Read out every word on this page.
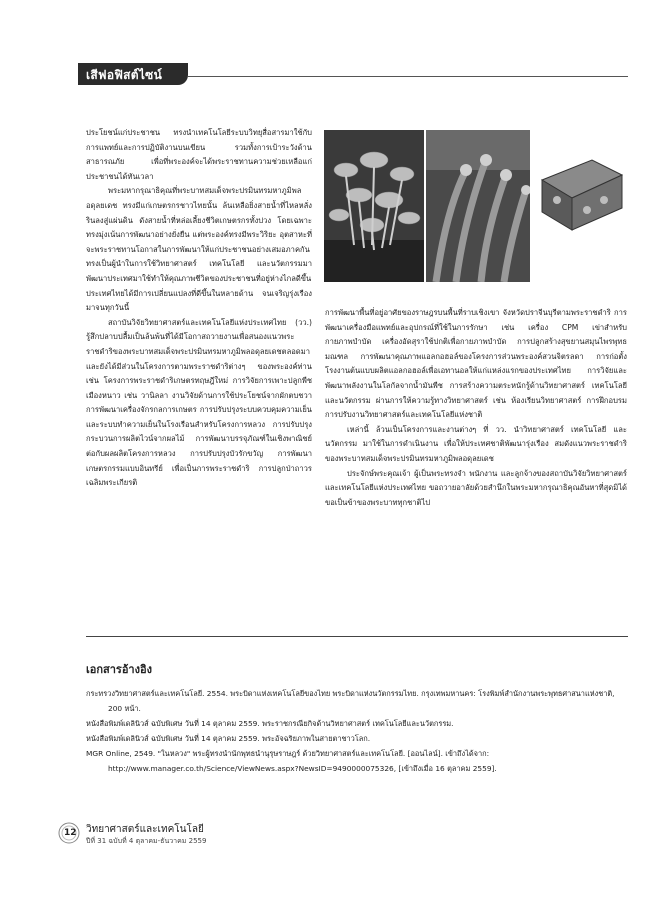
เสีฟอฟิสต์ไซน์

ประโยชน์แก่ประชาชน ทรงนำเทคโนโลยีระบบวิทยุสื่อสารมาใช้กับการแพทย์และการปฏิบัติงานบนเขียน รวมทั้งการเป้าระวังด้านสาธารณภัย เพื่อที่พระองค์จะได้พระราชทานความช่วยเหลือแก่ประชาชนได้ทันเวลา

พระมหากรุณาธิคุณที่พระบาทสมเด็จพระปรมินทรมหาภูมิพลอดุลยเดช ทรงมีแก่เกษตรกรชาวไทยนั้น ล้นเหลือยิ่งสายน้ำที่ไหลหลั่งรินลงสู่แผ่นดิน ดังสายน้ำที่หล่อเลี้ยงชีวิตเกษตรกรทั้งปวง โดยเฉพาะทรงมุ่งเน้นการพัฒนาอย่างยั่งยืน แต่พระองค์ทรงมีพระวิริยะ อุตสาหะที่จะพระราชทานโอกาสในการพัฒนาให้แก่ประชาชนอย่างเสมอภาคกัน ทรงเป็นผู้นำในการใช้วิทยาศาสตร์ เทคโนโลยี และนวัตกรรมมาพัฒนาประเทศมาใช้ทำให้คุณภาพชีวิตของประชาชนที่อยู่ห่างไกลดีขึ้น ประเทศไทยได้มีการเปลี่ยนแปลงที่ดีขึ้นในหลายด้าน จนเจริญรุ่งเรืองมาจนทุกวันนี้

สถาบันวิจัยวิทยาศาสตร์และเทคโนโลยีแห่งประเทศไทย (วว.) รู้สึกปลาบปลื้มเป็นล้นพ้นที่ได้มีโอกาสถวายงานเพื่อสนองแนวพระราชดำริของพระบาทสมเด็จพระปรมินทรมหาภูมิพลอดุลยเดชตลอดมา และยังได้มีส่วนในโครงการตามพระราชดำริต่างๆ ของพระองค์ท่าน เช่น โครงการพระราชดำริเกษตรทฤษฎีใหม่ การวิจัยการเพาะปลูกพืชเมืองหนาว เช่น วานิลลา งานวิจัยด้านการใช้ประโยชน์จากผักตบชวา การพัฒนาเครื่องจักรกลการเกษตร การปรับปรุงระบบควบคุมความเย็นและระบบทำความเย็นในโรงเรือนสำหรับโครงการหลวง การปรับปรุงกระบวนการผลิตไวน์จากผลไม้ การพัฒนาบรรจุภัณฑ์ในเชิงพาณิชย์ต่อกับผลผลิตโครงการหลวง การปรับปรุงบัวรักขวัญ การพัฒนาเกษตรกรรมแบบอินทรีย์ เพื่อเป็นการพระราชดำริ การปลูกป่าถาวรเฉลิมพระเกียรติ

การพัฒนาพื้นที่อยู่อาศัยของราษฎรบนพื้นที่ราบเชิงเขา จังหวัดปราจีนบุรีตามพระราชดำริ การพัฒนาเครื่องมือแพทย์และอุปกรณ์ที่ใช้ในการรักษา เช่น เครื่อง CPM เข่าสำหรับกายภาพบำบัด เครื่องอัดสุราใช้ปกติเพื่อกายภาพบำบัด การปลูกสร้างสุขยานสมุนไพรพุทธมณฑล การพัฒนาคุณภาพแอลกอฮอล์ของโครงการส่วนพระองค์สวนจิตรลดา การก่อตั้งโรงงานต้นแบบผลิตแอลกอฮอล์เพื่อเอทานอลให้แก่แหล่งแรกของประเทศไทย การวิจัยและพัฒนาพลังงานในโลกัลจากน้ำมันพืช การสร้างความตระหนักรู้ด้านวิทยาศาสตร์ เทคโนโลยีและนวัตกรรม ผ่านการให้ความรู้ทางวิทยาศาสตร์ เช่น ห้องเรียนวิทยาศาสตร์ การฝึกอบรมการปรับงานวิทยาศาสตร์และเทคโนโลยีแห่งชาติ

เหล่านี้ ล้วนเป็นโครงการและงานต่างๆ ที่ วว. นำวิทยาศาสตร์ เทคโนโลยี และนวัตกรรม มาใช้ในการดำเนินงาน เพื่อให้ประเทศชาติพัฒนารุ่งเรือง สมดังแนวพระราชดำริของพระบาทสมเด็จพระปรมินทรมหาภูมิพลอดุลยเดช

ประจักษ์พระคุณเจ้า ผู้เป็นพระทรงจำ พนักงาน และลูกจ้างของสถาบันวิจัยวิทยาศาสตร์และเทคโนโลยีแห่งประเทศไทย ขอถวายอาลัยด้วยสำนึกในพระมหากรุณาธิคุณอันหาที่สุดมิได้ ขอเป็นข้าของพระบาททุกชาติไป

เอกสารอ้างอิง

กระทรวงวิทยาศาสตร์และเทคโนโลยี. 2554. พระบิดาแห่งเทคโนโลยีของไทย พระบิดาแห่งนวัตกรรมไทย. กรุงเทพมหานคร: โรงพิมพ์สำนักงานพระพุทธศาสนาแห่งชาติ, 200 หน้า.

หนังสือพิมพ์เดลินิวส์ ฉบับพิเศษ วันที่ 14 ตุลาคม 2559. พระราชกรณียกิจด้านวิทยาศาสตร์ เทคโนโลยีและนวัตกรรม.

หนังสือพิมพ์เดลินิวส์ ฉบับพิเศษ วันที่ 14 ตุลาคม 2559. พระอัจฉริยภาพในสายตาชาวโลก.

MGR Online, 2549. "ในหลวง" พระผู้ทรงนำนักพุทธนำนุรุษราษฎร์ ด้วยวิทยาศาสตร์และเทคโนโลยี. [ออนไลน์]. เข้าถึงได้จาก: http://www.manager.co.th/Science/ViewNews.aspx?NewsID=9490000075326, [เข้าถึงเมื่อ 16 ตุลาคม 2559].

12 วิทยาศาสตร์และเทคโนโลยี
ปีที่ 31 ฉบับที่ 4 ตุลาคม-ธันวาคม 2559
